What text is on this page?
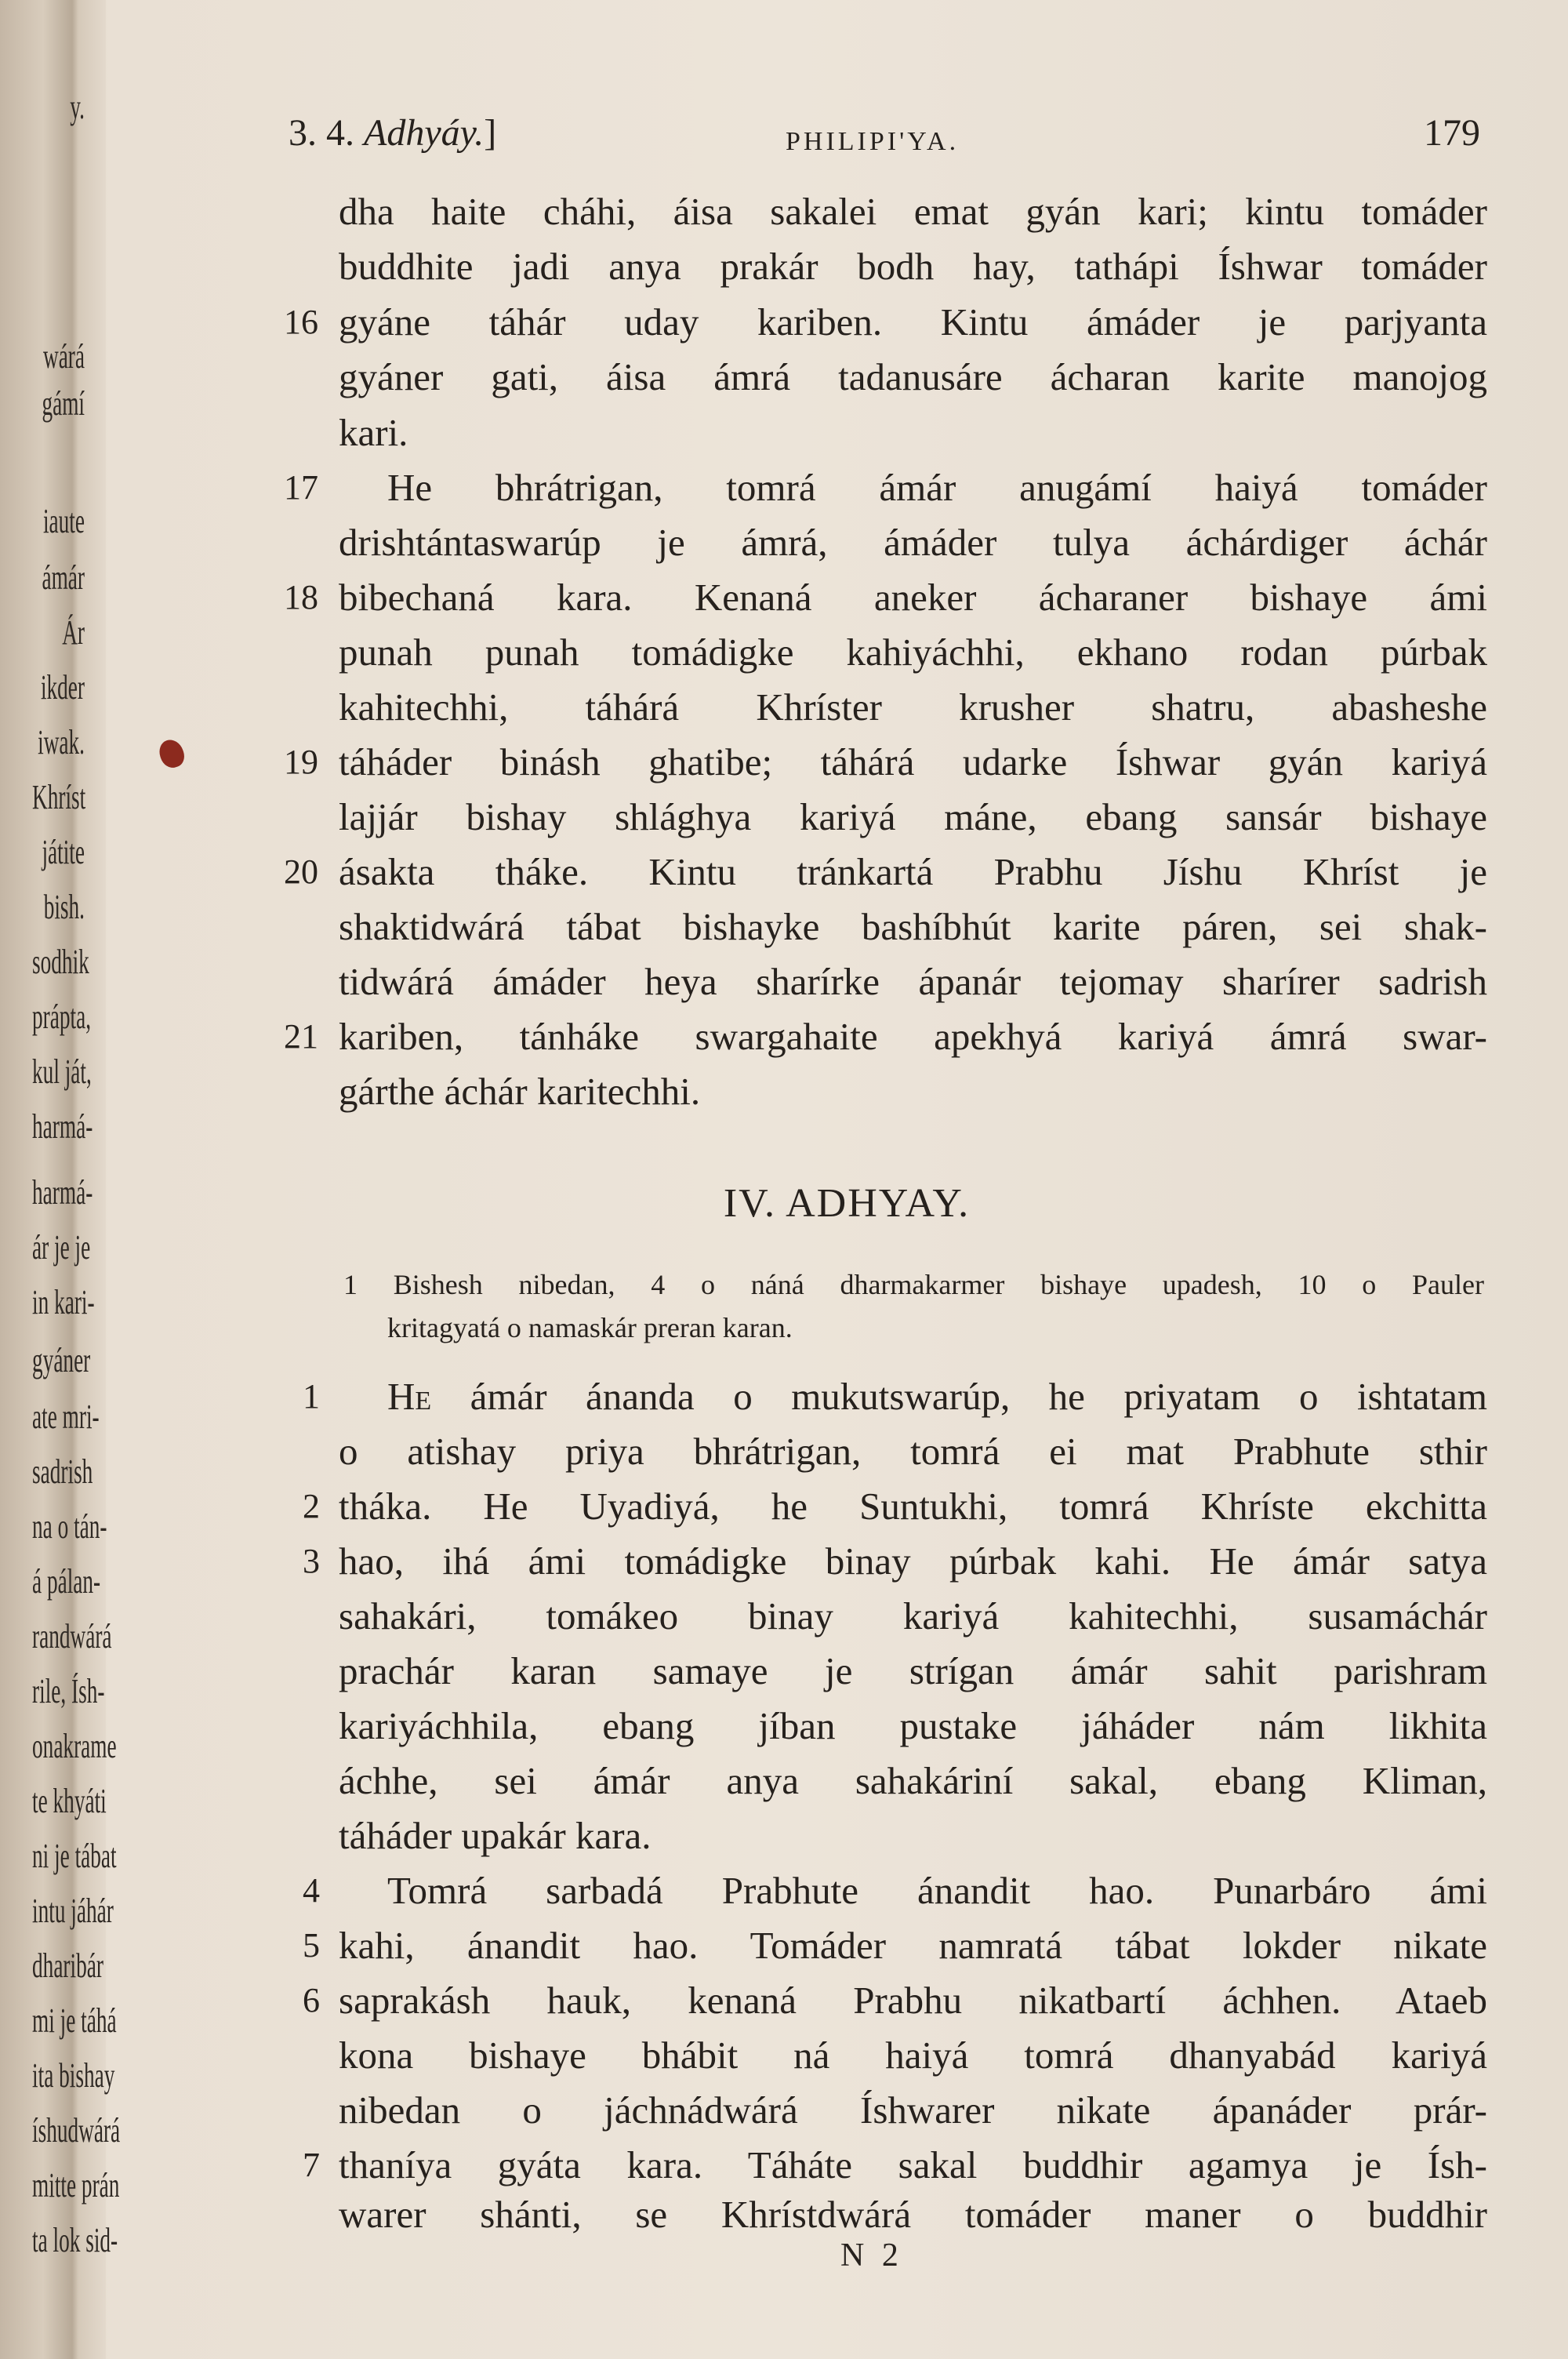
y.
wárá
gámí
iaute
ámár
Ár
ikder
iwak.
Khríst
játite
bish.
sodhik
prápta,
kul ját,
harmá-
harmá-
ár je je
in kari-
gyáner
ate mri-
sadrish
na o tán-
á pálan-
randwárá
rile, Ísh-
onakrame
te khyáti
ni je tábat
intu jáhár
dharibár
mi je táhá
ita bishay
íshudwárá
mitte prán
ta lok sid-
3. 4. Adhyáy.]	PHILIPI'YA.	179
dha haite cháhi, áisa sakalei emat gyán kari; kintu tomáder
buddhite jadi anya prakár bodh hay, tathápi Íshwar tomáder
16 gyáne táhár uday kariben. Kintu ámáder je parjyanta
gyáner gati, áisa ámrá tadanusáre ácharan karite manojog
kari.
17	He bhrátrigan, tomrá ámár anugámí haiyá tomáder
drishtántaswarúp je ámrá, ámáder tulya áchárdiger áchár
18 bibechaná kara. Kenaná aneker ácharaner bishaye ámi
punah punah tomádigke kahiyáchhi, ekhano rodan púrbak
kahitechhi, táhárá Khríster krusher shatru, abasheshe
19 táháder binásh ghatibe; táhárá udarke Íshwar gyán kariyá
lajjár bishay shlághya kariyá máne, ebang sansár bishaye
20 ásakta tháke. Kintu tránkartá Prabhu Jíshu Khríst je
shaktidwárá tábat bishayke bashíbhút karite páren, sei shak-
tidwárá ámáder heya sharírke ápanár tejomay sharírer sadrish
21 kariben, tánháke swargahaite apekhyá kariyá ámrá swar-
gárthe áchár karitechhi.
IV. ADHYAY.
1 Bishesh nibedan, 4 o náná dharmakarmer bishaye upadesh, 10 o Pauler
kritagyatá o namaskár preran karan.
1	He ámár ánanda o mukutswarúp, he priyatam o ishtatam
o atishay priya bhrátrigan, tomrá ei mat Prabhute sthir
2 tháka. He Uyadiyá, he Suntukhi, tomrá Khríste ekchitta
3 hao, ihá ámi tomádigke binay púrbak kahi. He ámár satya
sahakári, tomákeo binay kariyá kahitechhi, susamáchár
prachár karan samaye je strígan ámár sahit parishram
kariyáchhila, ebang jíban pustake jáháder nám likhita
áchhe, sei ámár anya sahakáriní sakal, ebang Kliman,
táháder upakár kara.
4	Tomrá sarbadá Prabhute ánandit hao. Punarbáro ámi
5 kahi, ánandit hao. Tomáder namratá tábat lokder nikate
6 saprakásh hauk, kenaná Prabhu nikatbartí áchhen. Ataeb
kona bishaye bhábit ná haiyá tomrá dhanyabád kariyá
nibedan o jáchnádwárá Íshwarer nikate ápanáder prár-
7 thaníya gyáta kara. Táháte sakal buddhir agamya je Ísh-
warer shánti, se Khrístdwárá tomáder maner o buddhir
N 2
